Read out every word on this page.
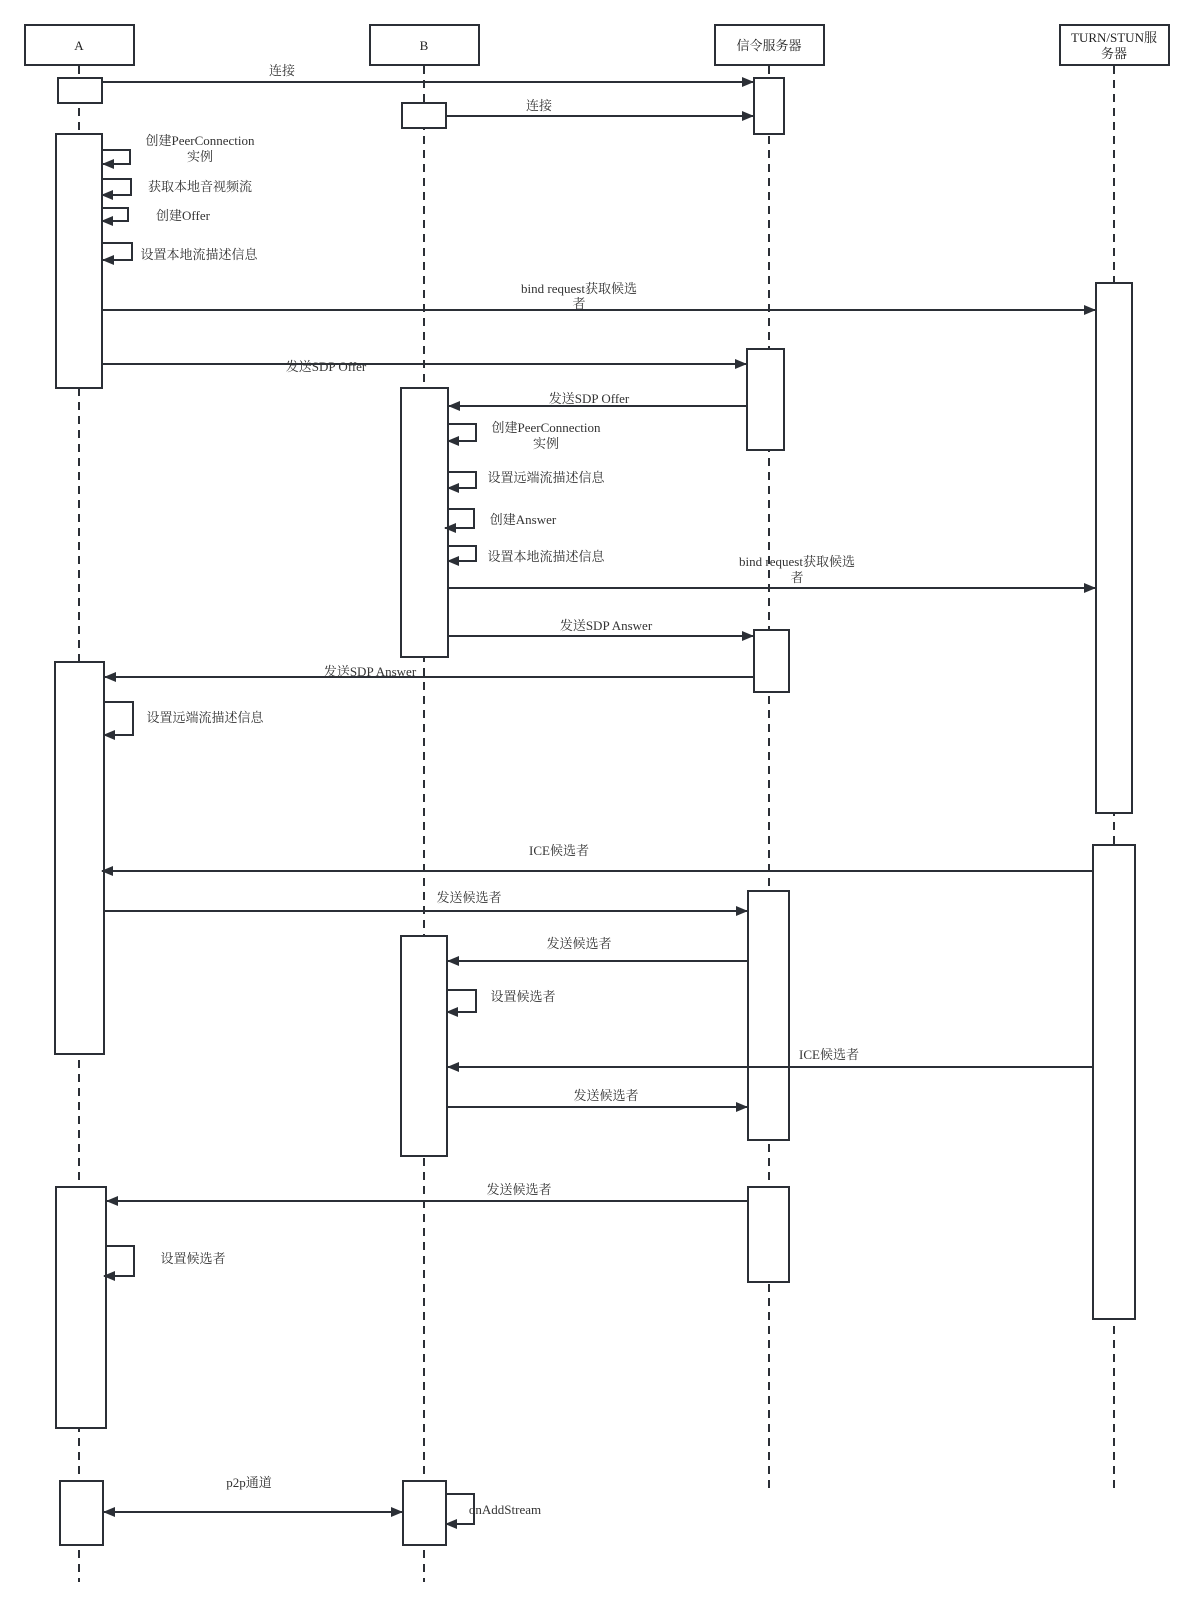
A	B	信令服务器
TURN/STUN服
务器
连接
连接
bind request获取候选
者
发送SDP Offer
发送SDP Offer
bind request获取候选
者
发送SDP Answer
发送SDP Answer
ICE候选者
发送候选者
发送候选者
ICE候选者
发送候选者
发送候选者
p2p通道
创建PeerConnection
实例
获取本地音视频流
创建Offer
设置本地流描述信息
创建PeerConnection
实例
设置远端流描述信息
创建Answer
设置本地流描述信息
设置远端流描述信息
设置候选者
设置候选者
onAddStream
